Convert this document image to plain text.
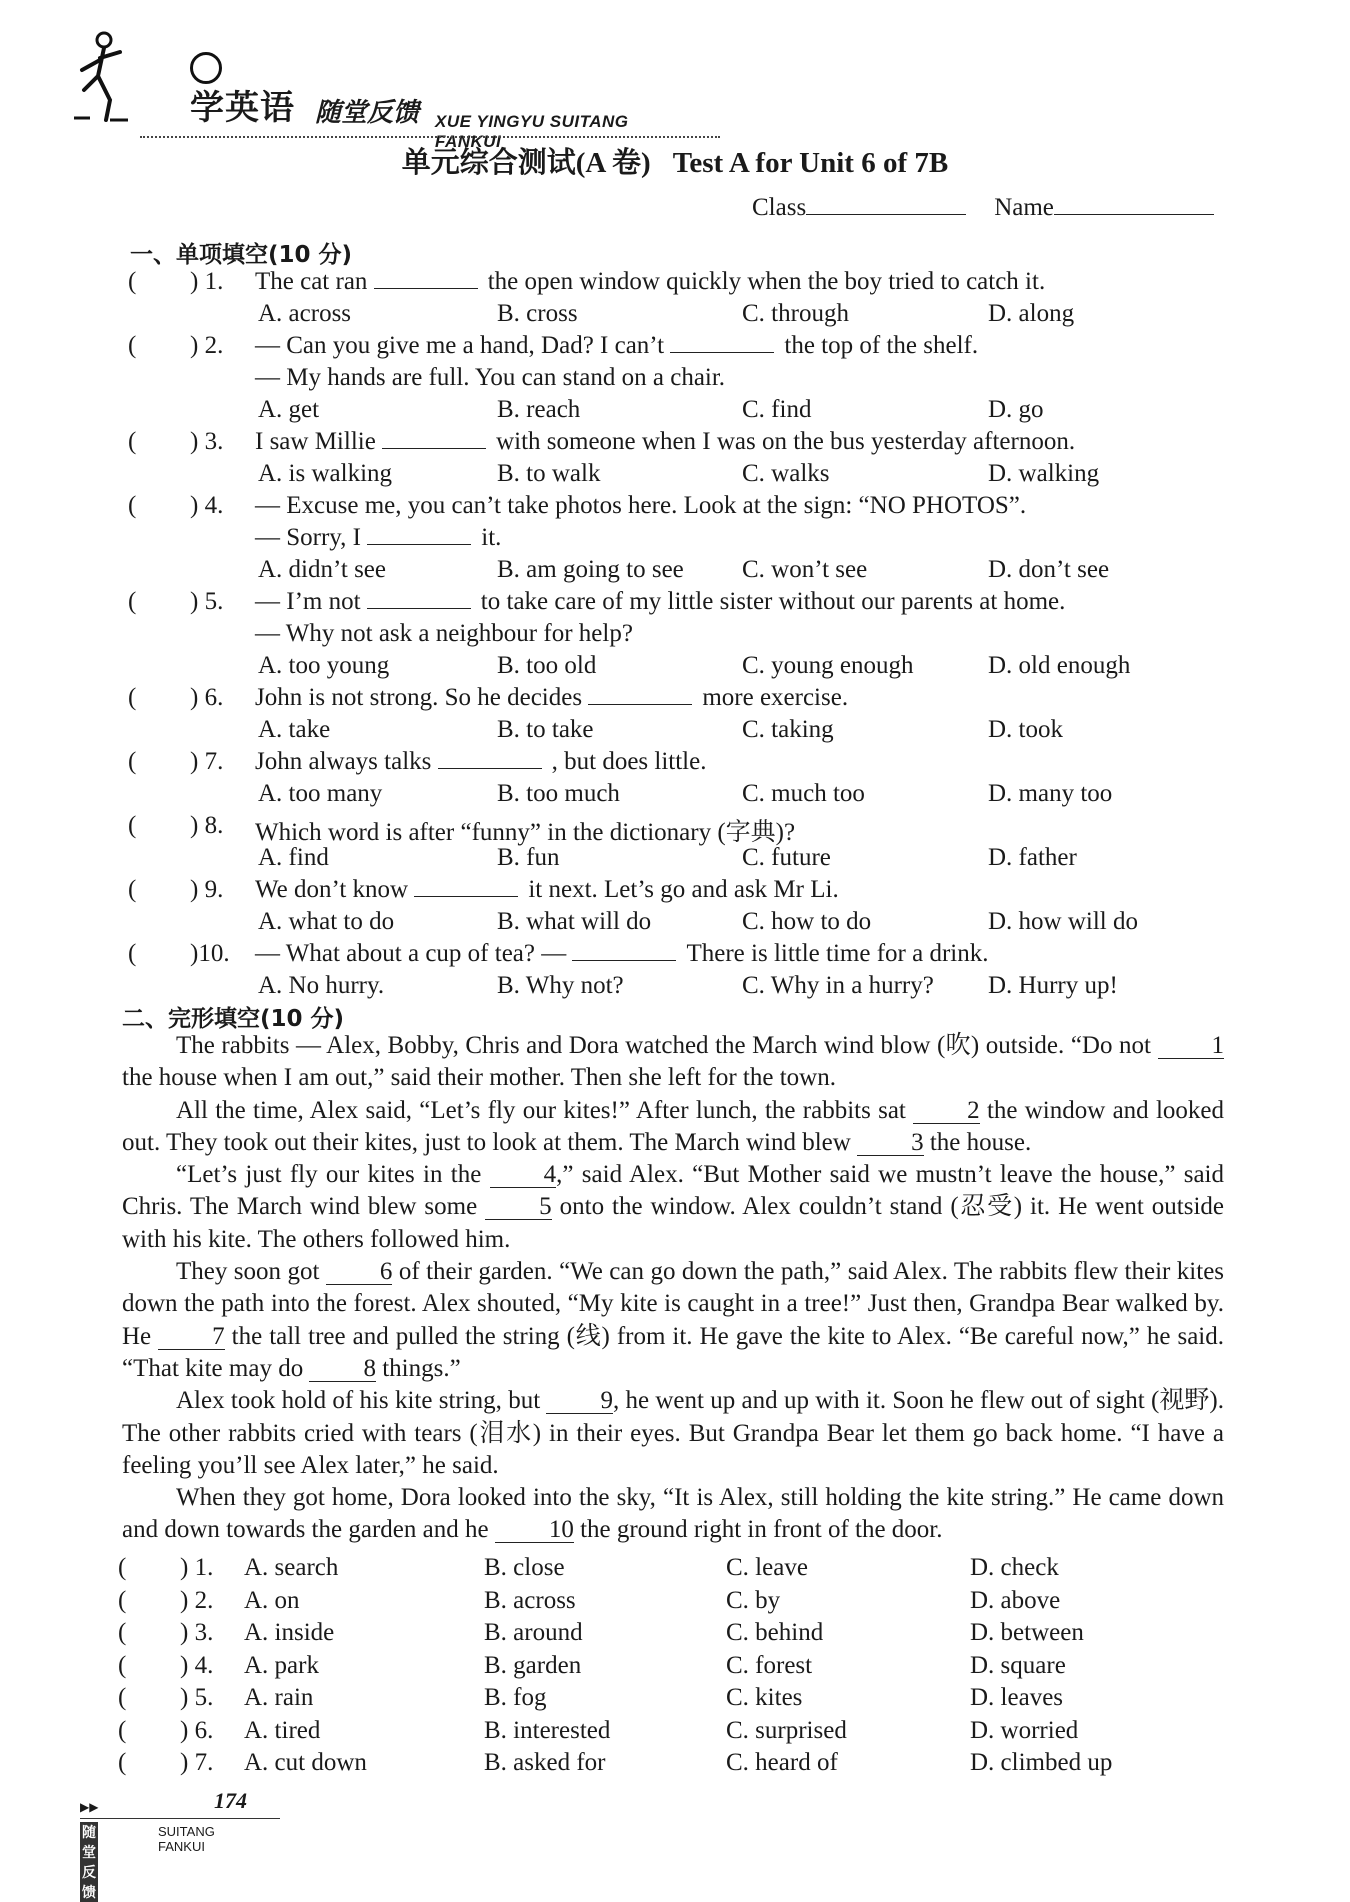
学英语 随堂反馈 XUE YINGYU SUITANG FANKUI
单元综合测试(A 卷) Test A for Unit 6 of 7B
Class	Name
一、单项填空(10 分)
( ) 1. The cat ran	the open window quickly when the boy tried to catch it.
A. across	B. cross	C. through	D. along
( ) 2. — Can you give me a hand, Dad? I can’t	the top of the shelf.
— My hands are full. You can stand on a chair.
A. get	B. reach	C. find	D. go
( ) 3. I saw Millie	with someone when I was on the bus yesterday afternoon.
A. is walking	B. to walk	C. walks	D. walking
( ) 4. — Excuse me, you can’t take photos here. Look at the sign: “NO PHOTOS”.
— Sorry, I	it.
A. didn’t see	B. am going to see C. won’t see	D. don’t see
( ) 5. — I’m not	to take care of my little sister without our parents at home.
— Why not ask a neighbour for help?
A. too young	B. too old	C. young enough	D. old enough
( ) 6. John is not strong. So he decides	more exercise.
A. take	B. to take	C. taking	D. took
( ) 7. John always talks	, but does little.
A. too many	B. too much	C. much too	D. many too
( ) 8. Which word is after “funny” in the dictionary (字典)?
A. find	B. fun	C. future	D. father
( ) 9. We don’t know	it next. Let’s go and ask Mr Li.
A. what to do	B. what will do	C. how to do	D. how will do
( )10. — What about a cup of tea? —	There is little time for a drink.
A. No hurry.	B. Why not?	C. Why in a hurry? D. Hurry up!
二、完形填空(10 分)

The rabbits — Alex, Bobby, Chris and Dora watched the March wind blow (吹) outside. “Do not 1 the house when I am out,” said their mother. Then she left for the town.

All the time, Alex said, “Let’s fly our kites!” After lunch, the rabbits sat 2 the window and looked out. They took out their kites, just to look at them. The March wind blew 3 the house.

“Let’s just fly our kites in the 4,” said Alex. “But Mother said we mustn’t leave the house,” said Chris. The March wind blew some 5 onto the window. Alex couldn’t stand (忍受) it. He went outside with his kite. The others followed him.

They soon got 6 of their garden. “We can go down the path,” said Alex. The rabbits flew their kites down the path into the forest. Alex shouted, “My kite is caught in a tree!” Just then, Grandpa Bear walked by. He 7 the tall tree and pulled the string (线) from it. He gave the kite to Alex. “Be careful now,” he said. “That kite may do 8 things.”

Alex took hold of his kite string, but 9, he went up and up with it. Soon he flew out of sight (视野). The other rabbits cried with tears (泪水) in their eyes. But Grandpa Bear let them go back home. “I have a feeling you’ll see Alex later,” he said.

When they got home, Dora looked into the sky, “It is Alex, still holding the kite string.” He came down and down towards the garden and he 10 the ground right in front of the door.

( ) 1. A. search	B. close	C. leave	D. check
( ) 2. A. on	B. across	C. by	D. above
( ) 3. A. inside	B. around	C. behind	D. between
( ) 4. A. park	B. garden	C. forest	D. square
( ) 5. A. rain	B. fog	C. kites	D. leaves
( ) 6. A. tired	B. interested	C. surprised	D. worried
( ) 7. A. cut down	B. asked for	C. heard of	D. climbed up
▶▶	174
随堂反馈
SUITANG FANKUI
